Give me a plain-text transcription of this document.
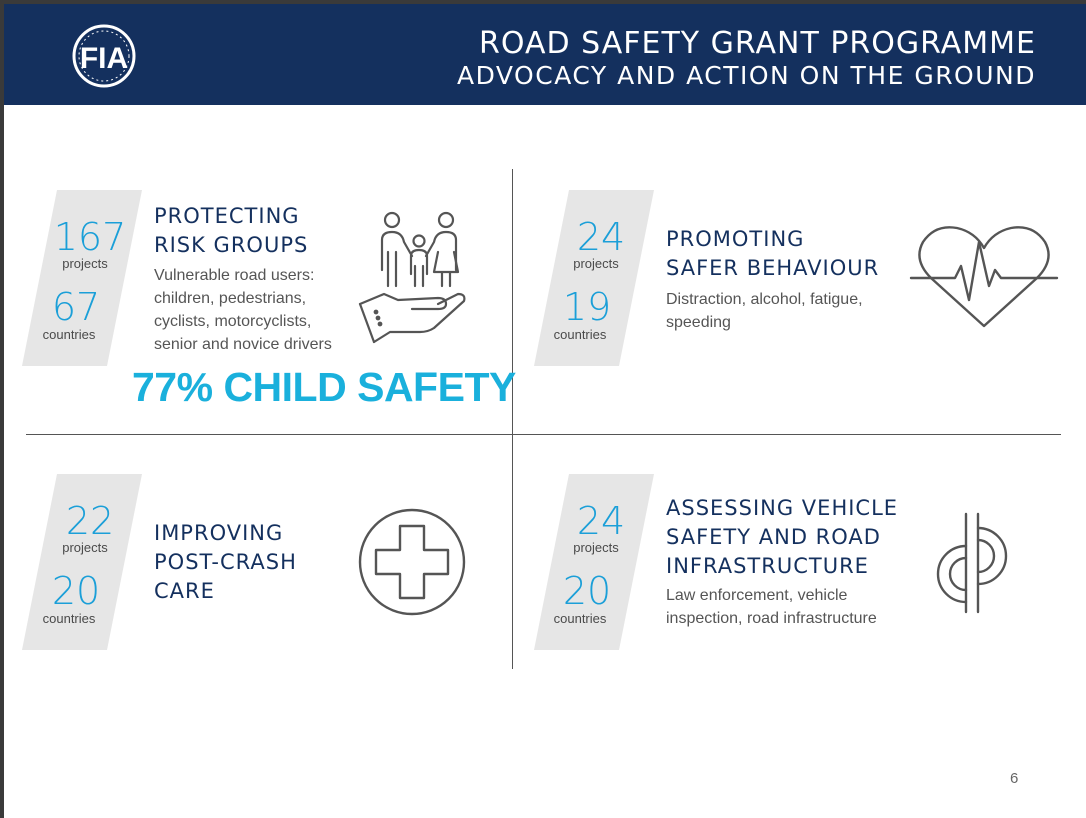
FIA	ROAD SAFETY GRANT PROGRAMME
ADVOCACY AND ACTION ON THE GROUND
167
projects
67
countries
PROTECTING
RISK GROUPS
Vulnerable road users: children, pedestrians, cyclists, motorcyclists, senior and novice drivers
77% CHILD SAFETY
24
projects
19
countries
PROMOTING
SAFER BEHAVIOUR
Distraction, alcohol, fatigue, speeding
22
projects
20
countries
IMPROVING
POST-CRASH
CARE
24
projects
20
countries
ASSESSING VEHICLE
SAFETY AND ROAD
INFRASTRUCTURE
Law enforcement, vehicle inspection, road infrastructure
6
